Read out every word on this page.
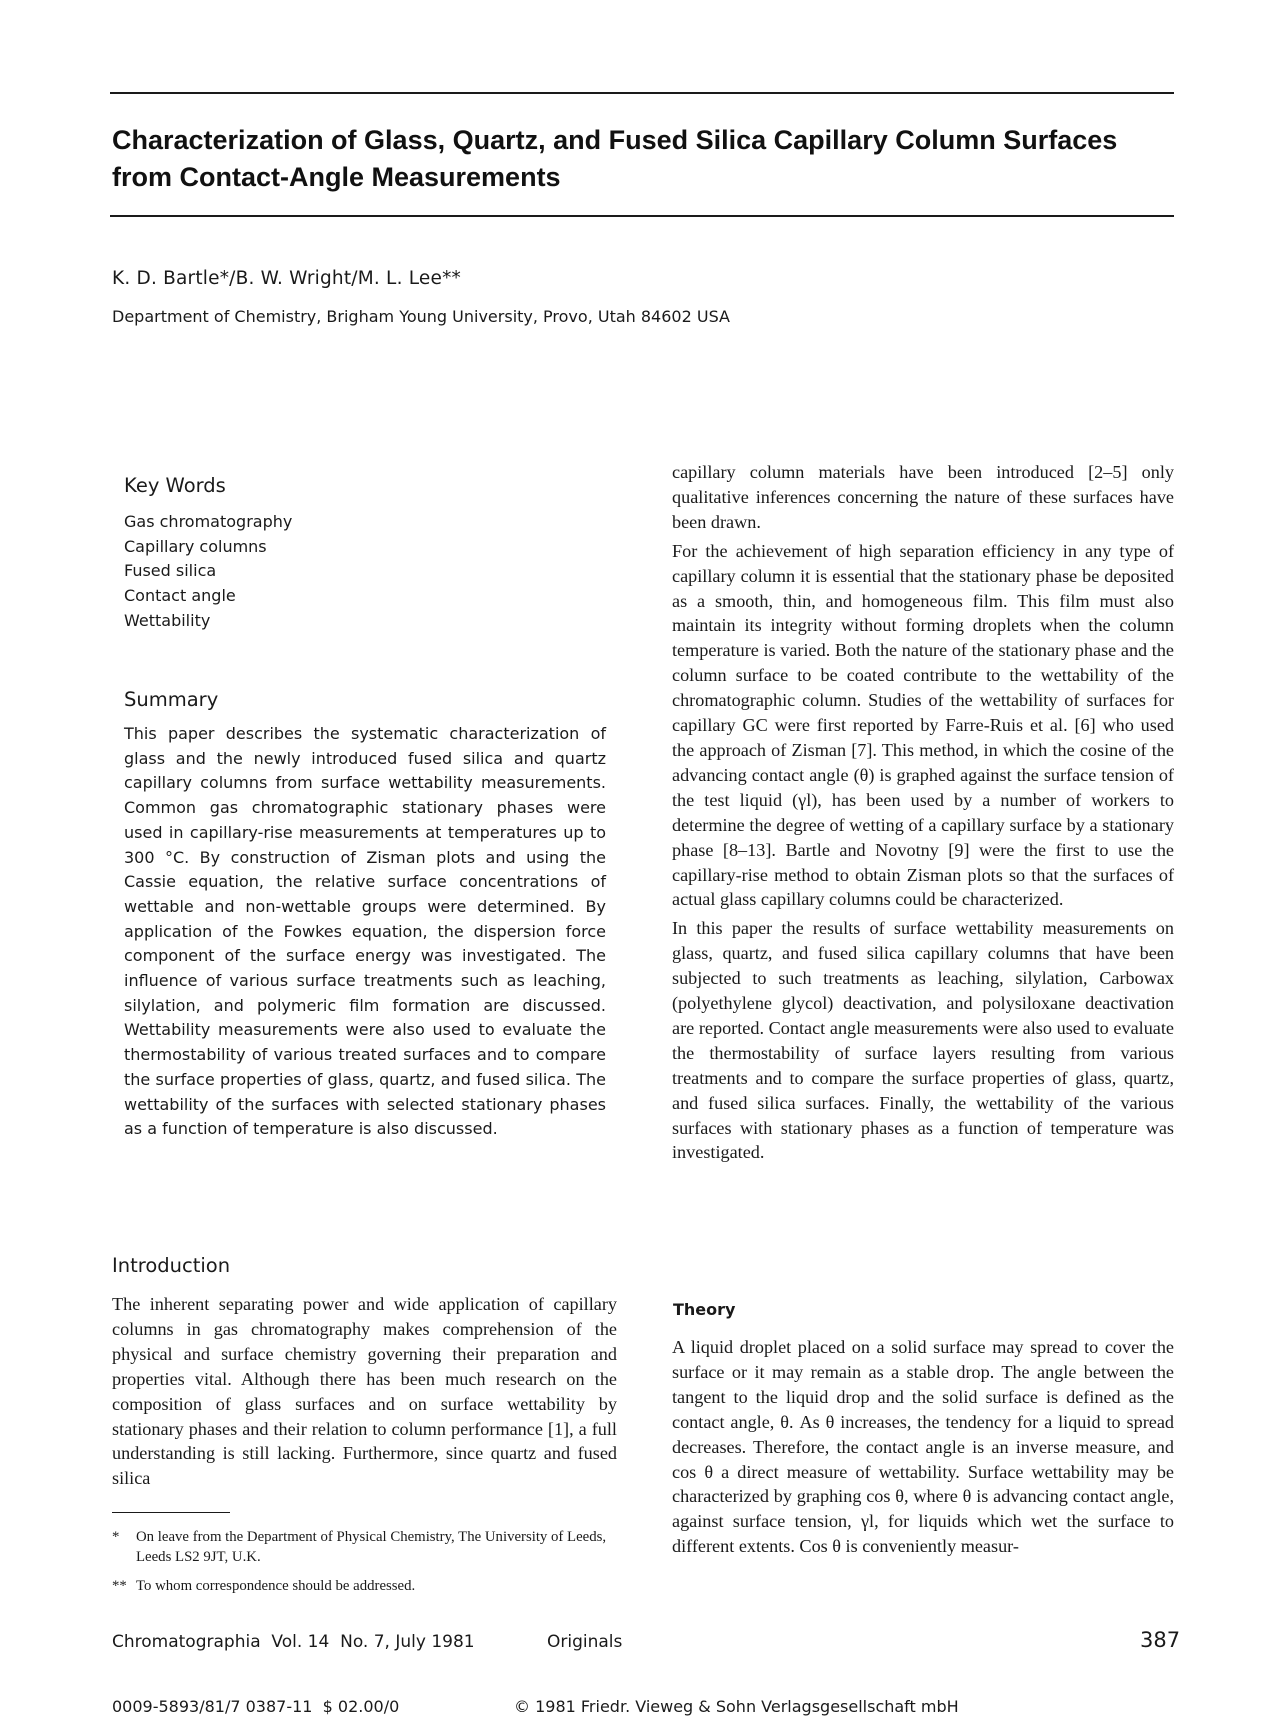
Characterization of Glass, Quartz, and Fused Silica Capillary Column Surfaces from Contact-Angle Measurements
K. D. Bartle*/B. W. Wright/M. L. Lee**
Department of Chemistry, Brigham Young University, Provo, Utah 84602 USA
Key Words
Gas chromatography
Capillary columns
Fused silica
Contact angle
Wettability
Summary
This paper describes the systematic characterization of glass and the newly introduced fused silica and quartz capillary columns from surface wettability measurements. Common gas chromatographic stationary phases were used in capillary-rise measurements at temperatures up to 300 °C. By construction of Zisman plots and using the Cassie equation, the relative surface concentrations of wettable and non-wettable groups were determined. By application of the Fowkes equation, the dispersion force component of the surface energy was investigated. The influence of various surface treatments such as leaching, silylation, and polymeric film formation are discussed. Wettability measurements were also used to evaluate the thermostability of various treated surfaces and to compare the surface properties of glass, quartz, and fused silica. The wettability of the surfaces with selected stationary phases as a function of temperature is also discussed.
Introduction
The inherent separating power and wide application of capillary columns in gas chromatography makes comprehension of the physical and surface chemistry governing their preparation and properties vital. Although there has been much research on the composition of glass surfaces and on surface wettability by stationary phases and their relation to column performance [1], a full understanding is still lacking. Furthermore, since quartz and fused silica

capillary column materials have been introduced [2–5] only qualitative inferences concerning the nature of these surfaces have been drawn.

For the achievement of high separation efficiency in any type of capillary column it is essential that the stationary phase be deposited as a smooth, thin, and homogeneous film. This film must also maintain its integrity without forming droplets when the column temperature is varied. Both the nature of the stationary phase and the column surface to be coated contribute to the wettability of the chromatographic column. Studies of the wettability of surfaces for capillary GC were first reported by Farre-Ruis et al. [6] who used the approach of Zisman [7]. This method, in which the cosine of the advancing contact angle (θ) is graphed against the surface tension of the test liquid (γl), has been used by a number of workers to determine the degree of wetting of a capillary surface by a stationary phase [8–13]. Bartle and Novotny [9] were the first to use the capillary-rise method to obtain Zisman plots so that the surfaces of actual glass capillary columns could be characterized.

In this paper the results of surface wettability measurements on glass, quartz, and fused silica capillary columns that have been subjected to such treatments as leaching, silylation, Carbowax (polyethylene glycol) deactivation, and polysiloxane deactivation are reported. Contact angle measurements were also used to evaluate the thermostability of surface layers resulting from various treatments and to compare the surface properties of glass, quartz, and fused silica surfaces. Finally, the wettability of the various surfaces with stationary phases as a function of temperature was investigated.

Theory
A liquid droplet placed on a solid surface may spread to cover the surface or it may remain as a stable drop. The angle between the tangent to the liquid drop and the solid surface is defined as the contact angle, θ. As θ increases, the tendency for a liquid to spread decreases. Therefore, the contact angle is an inverse measure, and cos θ a direct measure of wettability. Surface wettability may be characterized by graphing cos θ, where θ is advancing contact angle, against surface tension, γl, for liquids which wet the surface to different extents. Cos θ is conveniently measur-
*	On leave from the Department of Physical Chemistry, The University of Leeds, Leeds LS2 9JT, U.K.
** To whom correspondence should be addressed.
Chromatographia  Vol. 14  No. 7, July 1981	Originals	387
0009-5893/81/7 0387-11  $ 02.00/0	© 1981 Friedr. Vieweg & Sohn Verlagsgesellschaft mbH
